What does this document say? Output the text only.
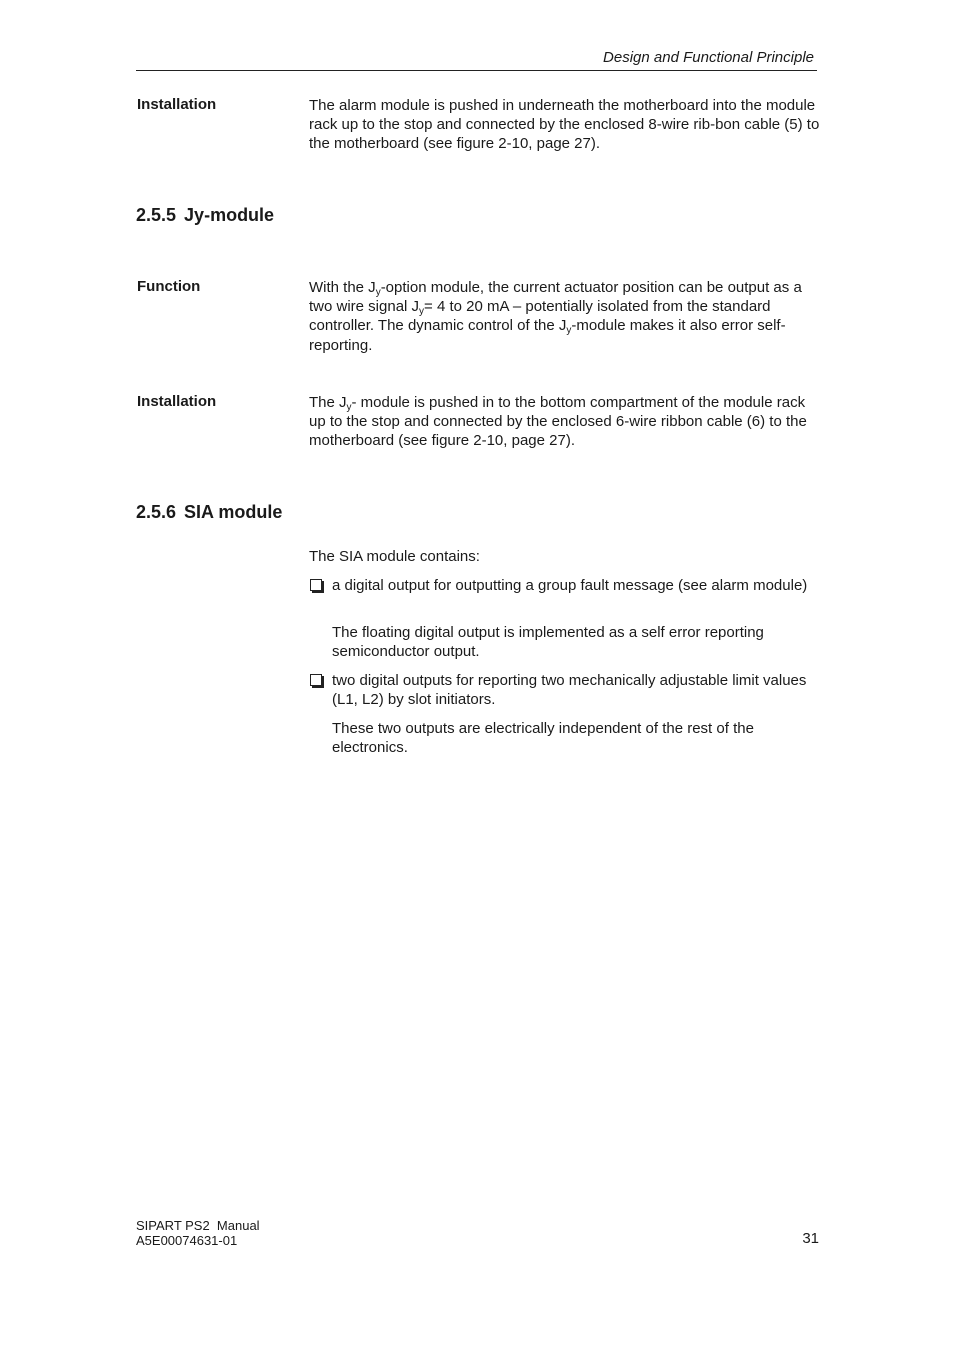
Design and Functional Principle
Installation	The alarm module is pushed in underneath the motherboard into the module rack up to the stop and connected by the enclosed 8-wire rib-bon cable (5) to the motherboard (see figure 2-10, page 27).
2.5.5 Jy-module
Function	With the $J_y$-option module, the current actuator position can be output as a two wire signal $J_y= 4$ to 20 mA – potentially isolated from the standard controller. The dynamic control of the $J_y$-module makes it also error self-reporting.
Installation	The $J_y-$ module is pushed in to the bottom compartment of the module rack up to the stop and connected by the enclosed 6-wire ribbon cable (6) to the motherboard (see figure 2-10, page 27).
2.5.6 SIA module
The SIA module contains:
a digital output for outputting a group fault message (see alarm module)
The floating digital output is implemented as a self error reporting semiconductor output.
two digital outputs for reporting two mechanically adjustable limit values (L1, L2) by slot initiators.
These two outputs are electrically independent of the rest of the electronics.
SIPART PS2  Manual
A5E00074631-01	31
